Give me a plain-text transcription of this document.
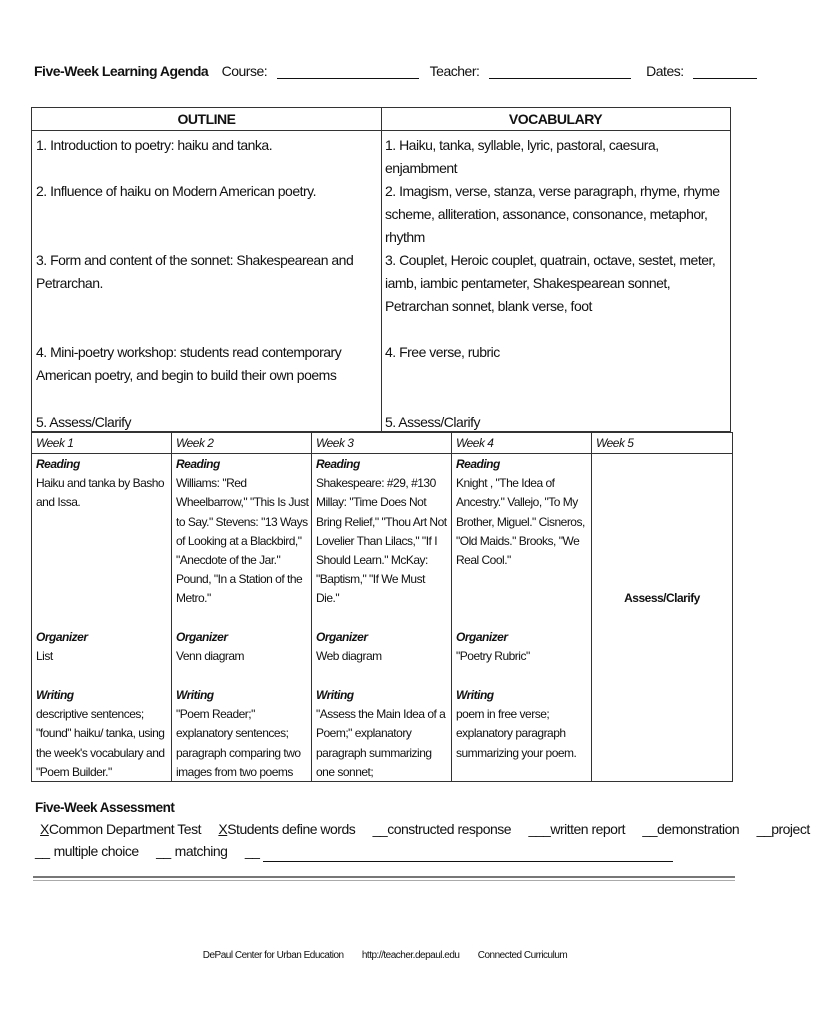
Five-Week Learning Agenda Course:	Teacher:	Dates:
OUTLINE
1. Introduction to poetry: haiku and tanka.
2. Influence of haiku on Modern American poetry.
3. Form and content of the sonnet: Shakespearean and Petrarchan.
4. Mini-poetry workshop: students read contemporary American poetry, and begin to build their own poems
5. Assess/Clarify
VOCABULARY
1. Haiku, tanka, syllable, lyric, pastoral, caesura, enjambment
2. Imagism, verse, stanza, verse paragraph, rhyme, rhyme scheme, alliteration, assonance, consonance, metaphor, rhythm
3. Couplet, Heroic couplet, quatrain, octave, sestet, meter, iamb, iambic pentameter, Shakespearean sonnet, Petrarchan sonnet, blank verse, foot
4. Free verse, rubric
5. Assess/Clarify
Week 1
Reading
Haiku and tanka by Basho and Issa.
Organizer
List
Writing
descriptive sentences; "found" haiku/ tanka, using the week's vocabulary and "Poem Builder."
Week 2
Reading
Williams: "Red Wheelbarrow," "This Is Just to Say." Stevens: "13 Ways of Looking at a Blackbird," "Anecdote of the Jar." Pound, "In a Station of the Metro."
Organizer
Venn diagram
Writing
"Poem Reader;" explanatory sentences; paragraph comparing two images from two poems
Week 3
Reading
Shakespeare: #29, #130 Millay: "Time Does Not Bring Relief," "Thou Art Not Lovelier Than Lilacs," "If I Should Learn." McKay: "Baptism," "If We Must Die."
Organizer
Web diagram
Writing
"Assess the Main Idea of a Poem;" explanatory paragraph summarizing one sonnet;
Week 4
Reading
Knight , "The Idea of Ancestry." Vallejo, "To My Brother, Miguel." Cisneros, "Old Maids." Brooks, "We Real Cool."
Organizer
"Poetry Rubric"
Writing
poem in free verse; explanatory paragraph summarizing your poem.
Week 5
Assess/Clarify
Five-Week Assessment
XCommon Department Test XStudents define words __constructed response ___written report __demonstration __project
__ multiple choice __ matching __
DePaul Center for Urban Education http://teacher.depaul.edu Connected Curriculum
